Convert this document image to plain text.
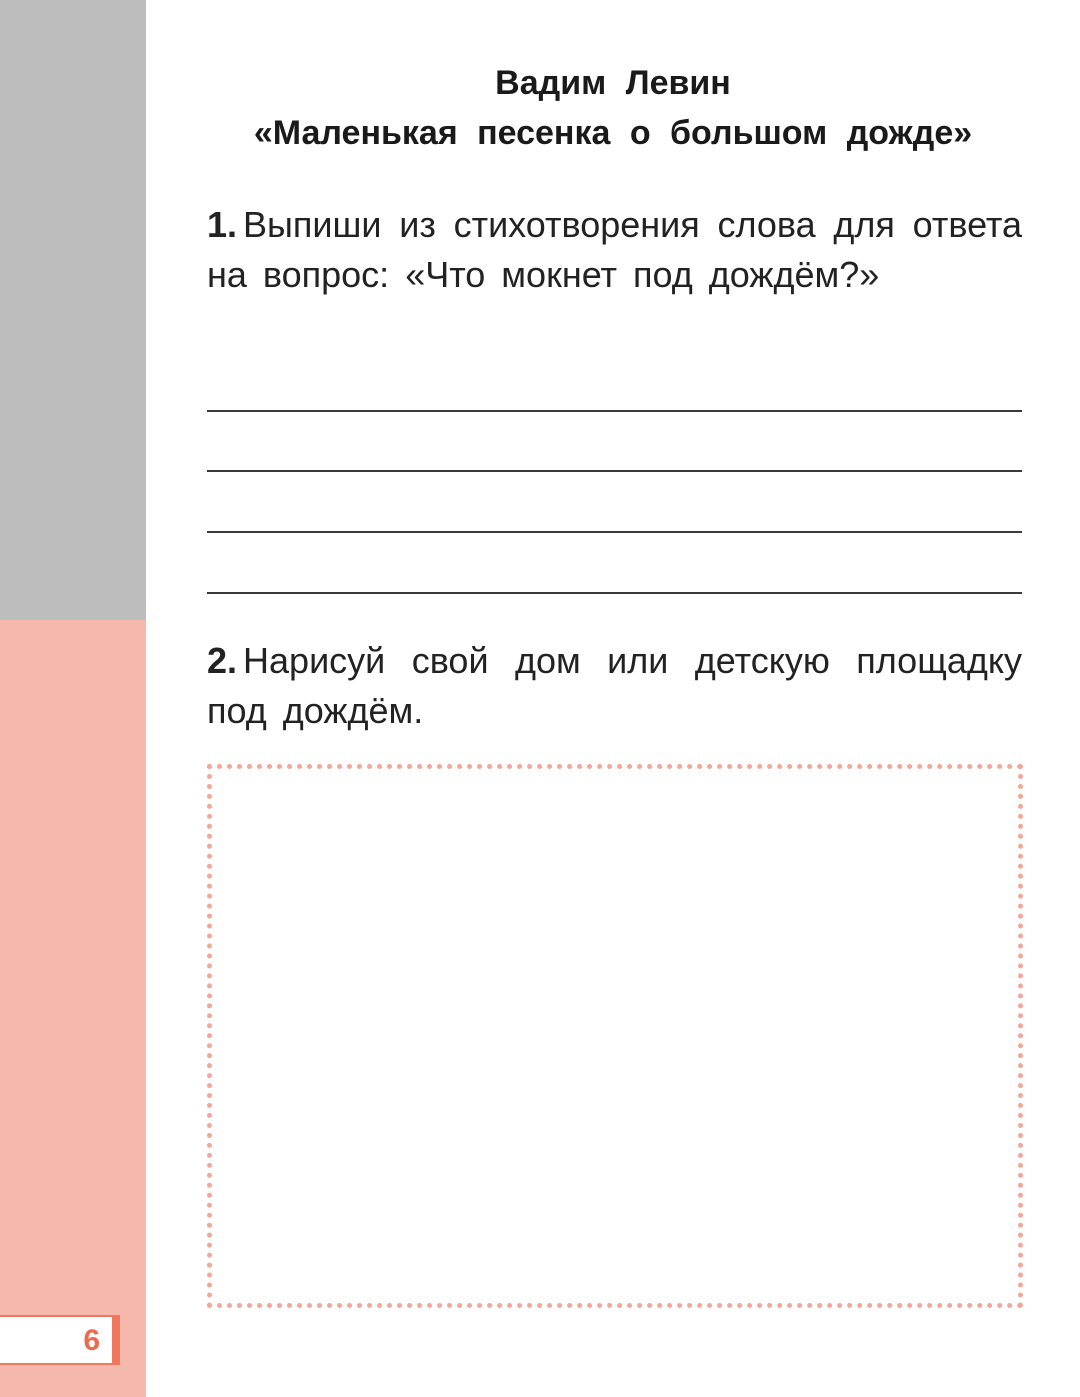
6
Вадим Левин
«Маленькая песенка о большом дожде»
1. Выпиши из стихотворения слова для ответа на вопрос: «Что мокнет под дождём?»
2. Нарисуй свой дом или детскую площадку под дождём.
